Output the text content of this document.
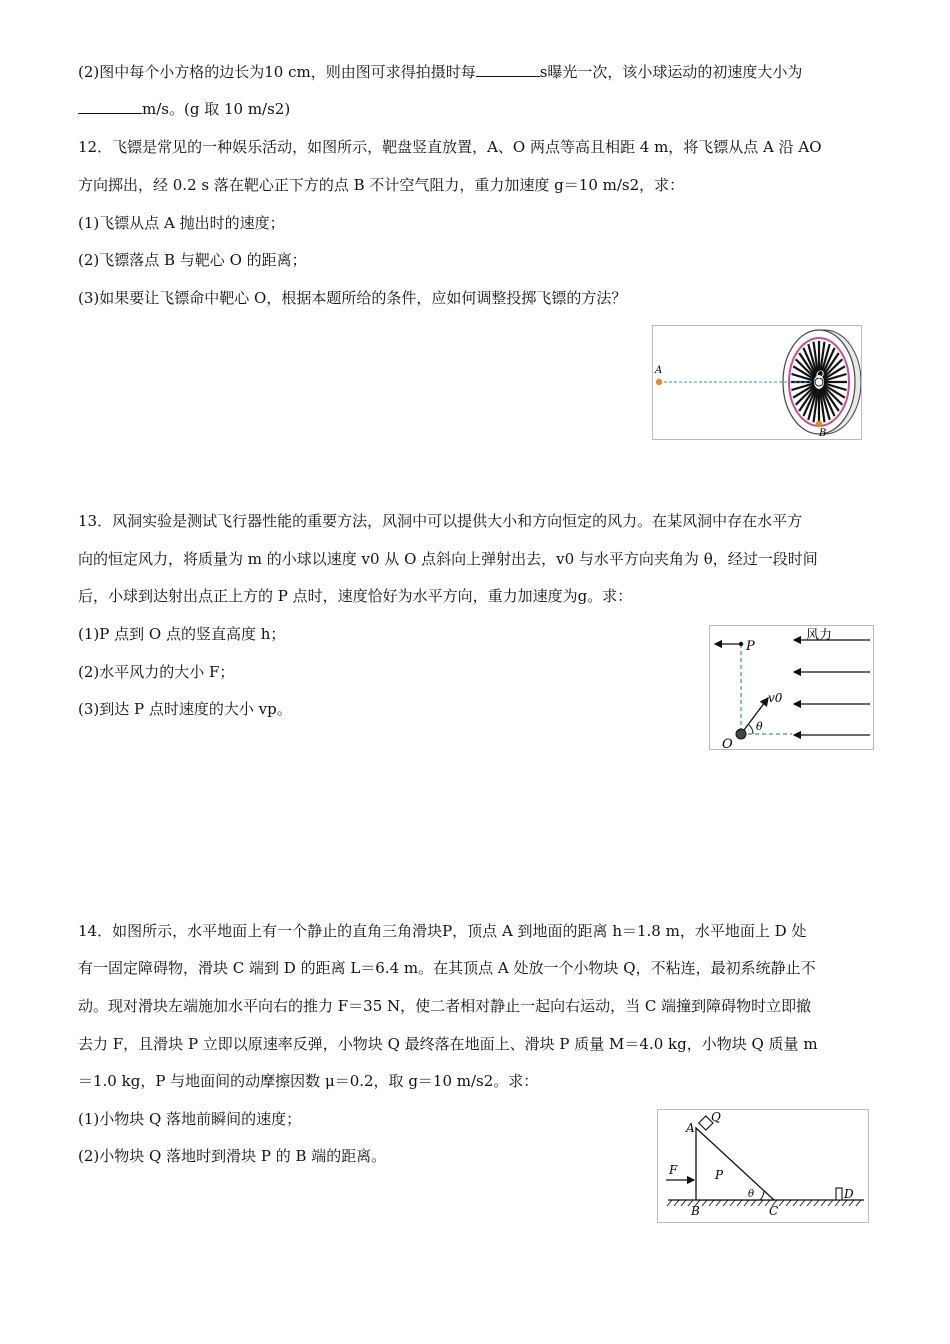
(2)图中每个小方格的边长为10 cm，则由图可求得拍摄时每	s曝光一次，该小球运动的初速度大小为
m/s。(g 取 10 m/s2)
12．飞镖是常见的一种娱乐活动，如图所示，靶盘竖直放置，A、O 两点等高且相距 4 m，将飞镖从点 A 沿 AO
方向掷出，经 0.2 s 落在靶心正下方的点 B 不计空气阻力，重力加速度 g＝10 m/s2，求：
(1)飞镖从点 A 抛出时的速度；
(2)飞镖落点 B 与靶心 O 的距离；
(3)如果要让飞镖命中靶心 O，根据本题所给的条件，应如何调整投掷飞镖的方法？
A	O
B
13．风洞实验是测试飞行器性能的重要方法，风洞中可以提供大小和方向恒定的风力。在某风洞中存在水平方
向的恒定风力，将质量为 m 的小球以速度 v0 从 O 点斜向上弹射出去，v0 与水平方向夹角为 θ，经过一段时间
后，小球到达射出点正上方的 P 点时，速度恰好为水平方向，重力加速度为g。求：
(1)P 点到 O 点的竖直高度 h；
(2)水平风力的大小 F；
(3)到达 P 点时速度的大小 vp。
风力
P
O
v0
θ
14．如图所示，水平地面上有一个静止的直角三角滑块P，顶点 A 到地面的距离 h＝1.8 m，水平地面上 D 处
有一固定障碍物，滑块 C 端到 D 的距离 L＝6.4 m。在其顶点 A 处放一个小物块 Q，不粘连，最初系统静止不
动。现对滑块左端施加水平向右的推力 F＝35 N，使二者相对静止一起向右运动，当 C 端撞到障碍物时立即撤
去力 F，且滑块 P 立即以原速率反弹，小物块 Q 最终落在地面上、滑块 P 质量 M＝4.0 kg，小物块 Q 质量 m
＝1.0 kg，P 与地面间的动摩擦因数 μ＝0.2，取 g＝10 m/s2。求：
(1)小物块 Q 落地前瞬间的速度；
(2)小物块 Q 落地时到滑块 P 的 B 端的距离。
A
Q
F	P
θ
B	C
D
